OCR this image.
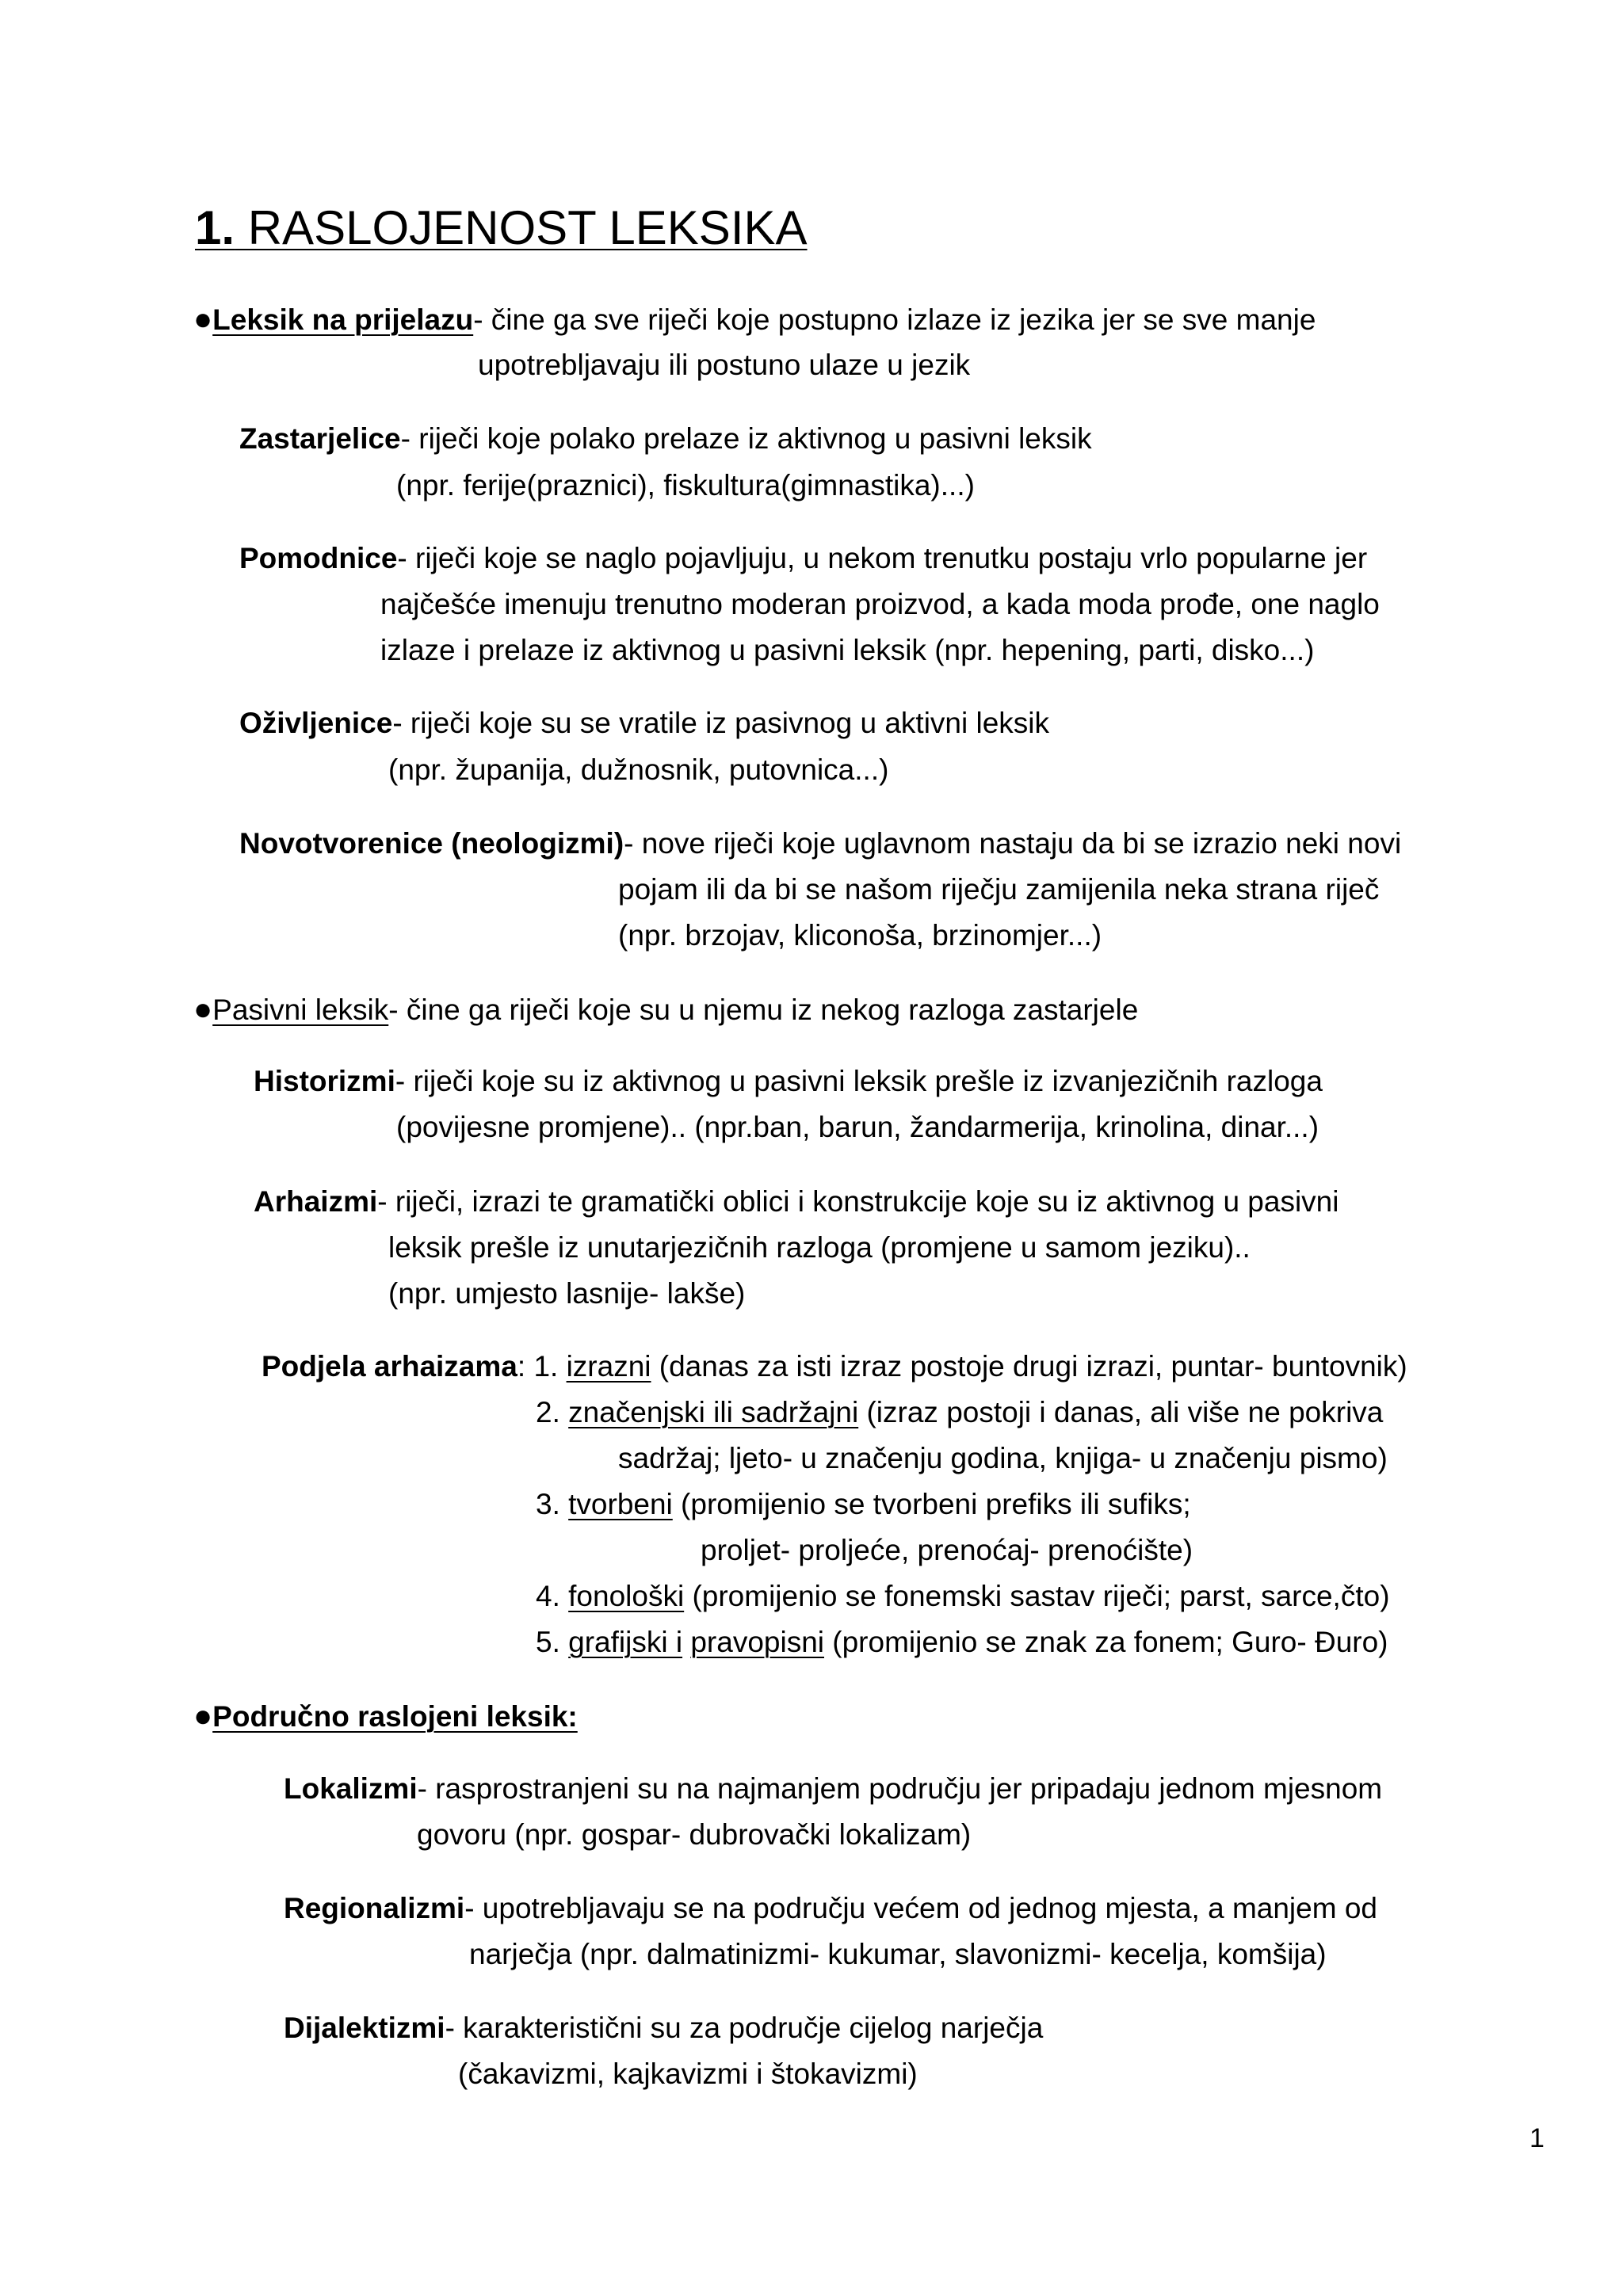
1. RASLOJENOST LEKSIKA
●Leksik na prijelazu- čine ga sve riječi koje postupno izlaze iz jezika jer se sve manje
upotrebljavaju ili postuno ulaze u jezik
Zastarjelice- riječi koje polako prelaze iz aktivnog u pasivni leksik
(npr. ferije(praznici), fiskultura(gimnastika)...)
Pomodnice- riječi koje se naglo pojavljuju, u nekom trenutku postaju vrlo popularne jer
najčešće imenuju trenutno moderan proizvod, a kada moda prođe, one naglo
izlaze i prelaze iz aktivnog u pasivni leksik (npr. hepening, parti, disko...)
Oživljenice- riječi koje su se vratile iz pasivnog u aktivni leksik
(npr. županija, dužnosnik, putovnica...)
Novotvorenice (neologizmi)- nove riječi koje uglavnom nastaju da bi se izrazio neki novi
pojam ili da bi se našom riječju zamijenila neka strana riječ
(npr. brzojav, kliconoša, brzinomjer...)
●Pasivni leksik- čine ga riječi koje su u njemu iz nekog razloga zastarjele
Historizmi- riječi koje su iz aktivnog u pasivni leksik prešle iz izvanjezičnih razloga
(povijesne promjene).. (npr.ban, barun, žandarmerija, krinolina, dinar...)
Arhaizmi- riječi, izrazi te gramatički oblici i konstrukcije koje su iz aktivnog u pasivni
leksik prešle iz unutarjezičnih razloga (promjene u samom jeziku)..
(npr. umjesto lasnije- lakše)
Podjela arhaizama: 1. izrazni (danas za isti izraz postoje drugi izrazi, puntar- buntovnik)
2. značenjski ili sadržajni (izraz postoji i danas, ali više ne pokriva
sadržaj; ljeto- u značenju godina, knjiga- u značenju pismo)
3. tvorbeni (promijenio se tvorbeni prefiks ili sufiks;
proljet- proljeće, prenoćaj- prenoćište)
4. fonološki (promijenio se fonemski sastav riječi; parst, sarce,čto)
5. grafijski i pravopisni (promijenio se znak za fonem; Guro- Đuro)
●Područno raslojeni leksik:
Lokalizmi- rasprostranjeni su na najmanjem području jer pripadaju jednom mjesnom
govoru (npr. gospar- dubrovački lokalizam)
Regionalizmi- upotrebljavaju se na području većem od jednog mjesta, a manjem od
narječja (npr. dalmatinizmi- kukumar, slavonizmi- kecelja, komšija)
Dijalektizmi- karakteristični su za područje cijelog narječja
(čakavizmi, kajkavizmi i štokavizmi)
1
